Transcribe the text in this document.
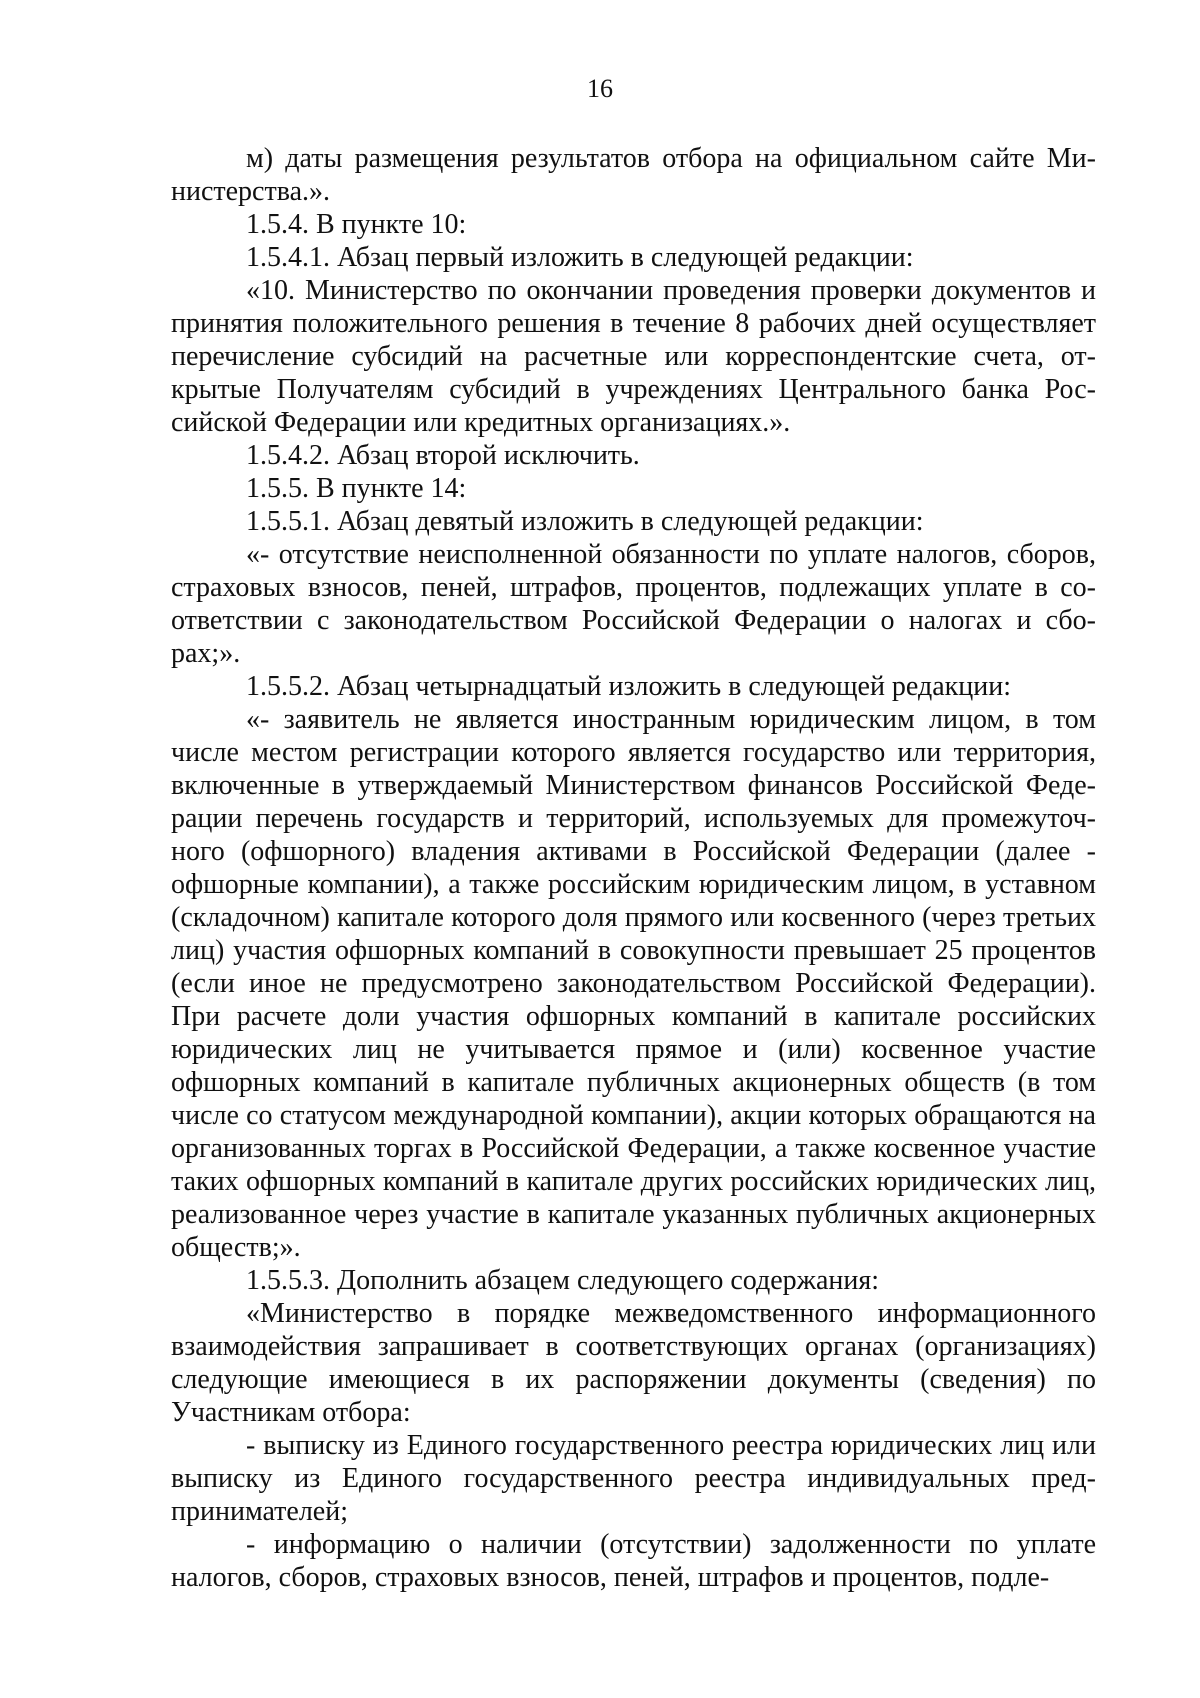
16

м) даты размещения результатов отбора на официальном сайте Министерства.».

1.5.4. В пункте 10:

1.5.4.1. Абзац первый изложить в следующей редакции:

«10. Министерство по окончании проведения проверки документов и принятия положительного решения в течение 8 рабочих дней осуществляет перечисление субсидий на расчетные или корреспондентские счета, открытые Получателям субсидий в учреждениях Центрального банка Российской Федерации или кредитных организациях.».

1.5.4.2. Абзац второй исключить.

1.5.5. В пункте 14:

1.5.5.1. Абзац девятый изложить в следующей редакции:

«- отсутствие неисполненной обязанности по уплате налогов, сборов, страховых взносов, пеней, штрафов, процентов, подлежащих уплате в соответствии с законодательством Российской Федерации о налогах и сборах;».

1.5.5.2. Абзац четырнадцатый изложить в следующей редакции:

«- заявитель не является иностранным юридическим лицом, в том числе местом регистрации которого является государство или территория, включенные в утверждаемый Министерством финансов Российской Федерации перечень государств и территорий, используемых для промежуточного (офшорного) владения активами в Российской Федерации (далее - офшорные компании), а также российским юридическим лицом, в уставном (складочном) капитале которого доля прямого или косвенного (через третьих лиц) участия офшорных компаний в совокупности превышает 25 процентов (если иное не предусмотрено законодательством Российской Федерации). При расчете доли участия офшорных компаний в капитале российских юридических лиц не учитывается прямое и (или) косвенное участие офшорных компаний в капитале публичных акционерных обществ (в том числе со статусом международной компании), акции которых обращаются на организованных торгах в Российской Федерации, а также косвенное участие таких офшорных компаний в капитале других российских юридических лиц, реализованное через участие в капитале указанных публичных акционерных обществ;».

1.5.5.3. Дополнить абзацем следующего содержания:

«Министерство в порядке межведомственного информационного взаимодействия запрашивает в соответствующих органах (организациях) следующие имеющиеся в их распоряжении документы (сведения) по Участникам отбора:

- выписку из Единого государственного реестра юридических лиц или выписку из Единого государственного реестра индивидуальных предпринимателей;

- информацию о наличии (отсутствии) задолженности по уплате налогов, сборов, страховых взносов, пеней, штрафов и процентов, подле-
